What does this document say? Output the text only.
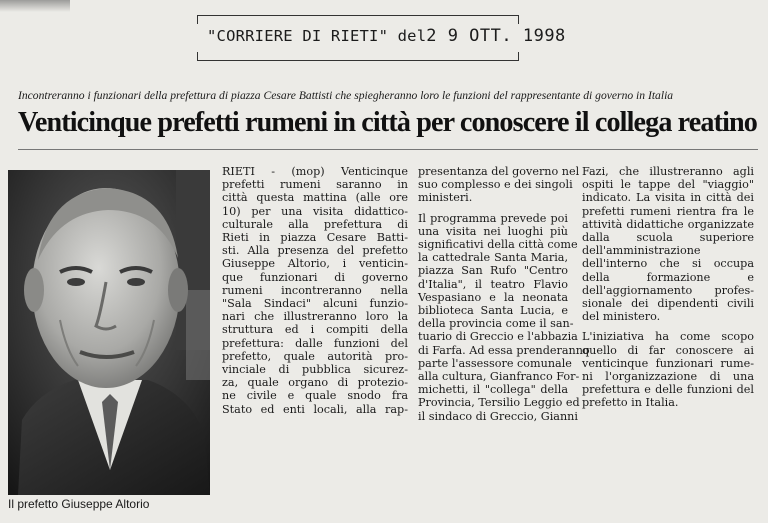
"CORRIERE DI RIETI" del2 9 OTT. 1998
Incontreranno i funzionari della prefettura di piazza Cesare Battisti che spiegheranno loro le funzioni del rappresentante di governo in Italia
Venticinque prefetti rumeni in città per conoscere il collega reatino
Il prefetto Giuseppe Altorio
RIETI - (mop) Venticinque
prefetti rumeni saranno in
città questa mattina (alle ore
10) per una visita didattico-
culturale alla prefettura di
Rieti in piazza Cesare Batti-
sti. Alla presenza del prefetto
Giuseppe Altorio, i venticin-
que funzionari di governo
rumeni incontreranno nella
"Sala Sindaci" alcuni funzio-
nari che illustreranno loro la
struttura ed i compiti della
prefettura: dalle funzioni del
prefetto, quale autorità pro-
vinciale di pubblica sicurez-
za, quale organo di protezio-
ne civile e quale snodo fra
Stato ed enti locali, alla rap-
presentanza del governo nel
suo complesso e dei singoli
ministeri.
Il programma prevede poi
una visita nei luoghi più
significativi della città come
la cattedrale Santa Maria,
piazza San Rufo "Centro
d'Italia", il teatro Flavio
Vespasiano e la neonata
biblioteca Santa Lucia, e
della provincia come il san-
tuario di Greccio e l'abbazia
di Farfa. Ad essa prenderanno
parte l'assessore comunale
alla cultura, Gianfranco For-
michetti, il "collega" della
Provincia, Tersilio Leggio ed
il sindaco di Greccio, Gianni
Fazi, che illustreranno agli
ospiti le tappe del "viaggio"
indicato. La visita in città dei
prefetti rumeni rientra fra le
attività didattiche organizzate
dalla scuola superiore
dell'amministrazione
dell'interno che si occupa
della formazione e
dell'aggiornamento profes-
sionale dei dipendenti civili
del ministero.
L'iniziativa ha come scopo
quello di far conoscere ai
venticinque funzionari rume-
ni l'organizzazione di una
prefettura e delle funzioni del
prefetto in Italia.
